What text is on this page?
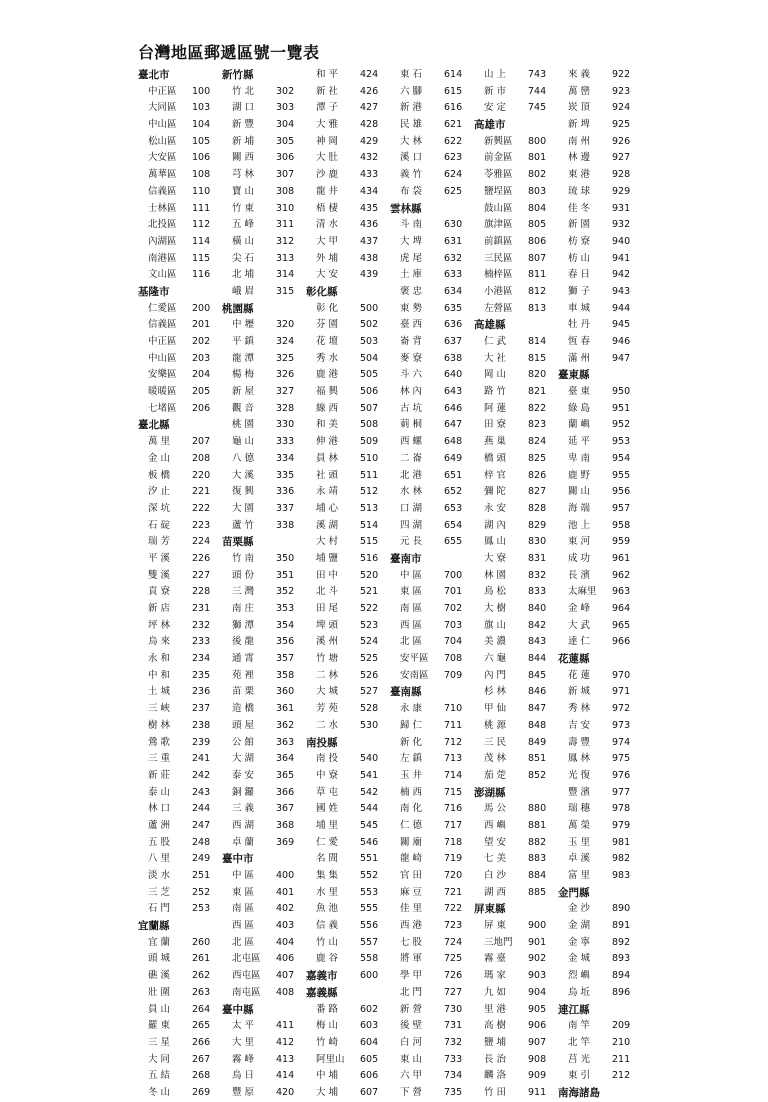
台灣地區郵遞區號一覽表
臺北市
中正區 100
大同區 103
中山區 104
松山區 105
大安區 106
萬華區 108
信義區 110
士林區 111
北投區 112
內湖區 114
南港區 115
文山區 116
基隆市
仁愛區 200
信義區 201
中正區 202
中山區 203
安樂區 204
暖暖區 205
七堵區 206
臺北縣
萬 里 207
金 山 208
板 橋 220
汐 止 221
深 坑 222
石 碇 223
瑞 芳 224
平 溪 226
雙 溪 227
貢 寮 228
新 店 231
坪 林 232
烏 來 233
永 和 234
中 和 235
土 城 236
三 峽 237
樹 林 238
鶯 歌 239
三 重 241
新 莊 242
泰 山 243
林 口 244
蘆 洲 247
五 股 248
八 里 249
淡 水 251
三 芝 252
石 門 253
宜蘭縣
宜 蘭 260
頭 城 261
礁 溪 262
壯 圍 263
員 山 264
羅 東 265
三 星 266
大 同 267
五 結 268
冬 山 269
新竹縣
竹 北 302
湖 口 303
新 豐 304
新 埔 305
關 西 306
芎 林 307
寶 山 308
竹 東 310
五 峰 311
橫 山 312
尖 石 313
北 埔 314
峨 眉 315
桃園縣
中 壢 320
平 鎮 324
龍 潭 325
楊 梅 326
新 屋 327
觀 音 328
桃 園 330
龜 山 333
八 德 334
大 溪 335
復 興 336
大 園 337
蘆 竹 338
苗栗縣
竹 南 350
頭 份 351
三 灣 352
南 庄 353
獅 潭 354
後 龍 356
通 霄 357
苑 裡 358
苗 栗 360
造 橋 361
頭 屋 362
公 館 363
大 湖 364
泰 安 365
銅 鑼 366
三 義 367
西 湖 368
卓 蘭 369
臺中市
中 區 400
東 區 401
南 區 402
西 區 403
北 區 404
北屯區 406
西屯區 407
南屯區 408
臺中縣
太 平 411
大 里 412
霧 峰 413
烏 日 414
豐 原 420
和 平 424
新 社 426
潭 子 427
大 雅 428
神 岡 429
大 肚 432
沙 鹿 433
龍 井 434
梧 棲 435
清 水 436
大 甲 437
外 埔 438
大 安 439
彰化縣
彰 化 500
芬 園 502
花 壇 503
秀 水 504
鹿 港 505
福 興 506
線 西 507
和 美 508
伸 港 509
員 林 510
社 頭 511
永 靖 512
埔 心 513
溪 湖 514
大 村 515
埔 鹽 516
田 中 520
北 斗 521
田 尾 522
埤 頭 523
溪 州 524
竹 塘 525
二 林 526
大 城 527
芳 苑 528
二 水 530
南投縣
南 投 540
中 寮 541
草 屯 542
國 姓 544
埔 里 545
仁 愛 546
名 間 551
集 集 552
水 里 553
魚 池 555
信 義 556
竹 山 557
鹿 谷 558
嘉義市 600
嘉義縣
番 路 602
梅 山 603
竹 崎 604
阿里山 605
中 埔 606
大 埔 607
東 石 614
六 腳 615
新 港 616
民 雄 621
大 林 622
溪 口 623
義 竹 624
布 袋 625
雲林縣
斗 南 630
大 埤 631
虎 尾 632
土 庫 633
褒 忠 634
東 勢 635
臺 西 636
崙 背 637
麥 寮 638
斗 六 640
林 內 643
古 坑 646
莿 桐 647
西 螺 648
二 崙 649
北 港 651
水 林 652
口 湖 653
四 湖 654
元 長 655
臺南市
中 區 700
東 區 701
南 區 702
西 區 703
北 區 704
安平區 708
安南區 709
臺南縣
永 康 710
歸 仁 711
新 化 712
左 鎮 713
玉 井 714
楠 西 715
南 化 716
仁 德 717
關 廟 718
龍 崎 719
官 田 720
麻 豆 721
佳 里 722
西 港 723
七 股 724
將 軍 725
學 甲 726
北 門 727
新 營 730
後 壁 731
白 河 732
東 山 733
六 甲 734
下 營 735
山 上 743
新 市 744
安 定 745
高雄市
新興區 800
前金區 801
苓雅區 802
鹽埕區 803
鼓山區 804
旗津區 805
前鎮區 806
三民區 807
楠梓區 811
小港區 812
左營區 813
高雄縣
仁 武 814
大 社 815
岡 山 820
路 竹 821
阿 蓮 822
田 寮 823
燕 巢 824
橋 頭 825
梓 官 826
彌 陀 827
永 安 828
湖 內 829
鳳 山 830
大 寮 831
林 園 832
鳥 松 833
大 樹 840
旗 山 842
美 濃 843
六 龜 844
內 門 845
杉 林 846
甲 仙 847
桃 源 848
三 民 849
茂 林 851
茄 萣 852
澎湖縣
馬 公 880
西 嶼 881
望 安 882
七 美 883
白 沙 884
湖 西 885
屏東縣
屏 東 900
三地門 901
霧 臺 902
瑪 家 903
九 如 904
里 港 905
高 樹 906
鹽 埔 907
長 治 908
麟 洛 909
竹 田 911
來 義 922
萬 巒 923
崁 頂 924
新 埤 925
南 州 926
林 邊 927
東 港 928
琉 球 929
佳 冬 931
新 園 932
枋 寮 940
枋 山 941
春 日 942
獅 子 943
車 城 944
牡 丹 945
恆 春 946
滿 州 947
臺東縣
臺 東 950
綠 島 951
蘭 嶼 952
延 平 953
卑 南 954
鹿 野 955
關 山 956
海 端 957
池 上 958
東 河 959
成 功 961
長 濱 962
太麻里 963
金 峰 964
大 武 965
達 仁 966
花蓮縣
花 蓮 970
新 城 971
秀 林 972
吉 安 973
壽 豐 974
鳳 林 975
光 復 976
豐 濱 977
瑞 穗 978
萬 榮 979
玉 里 981
卓 溪 982
富 里 983
金門縣
金 沙 890
金 湖 891
金 寧 892
金 城 893
烈 嶼 894
烏 坵 896
連江縣
南 竿 209
北 竿 210
莒 光 211
東 引 212
南海諸島
